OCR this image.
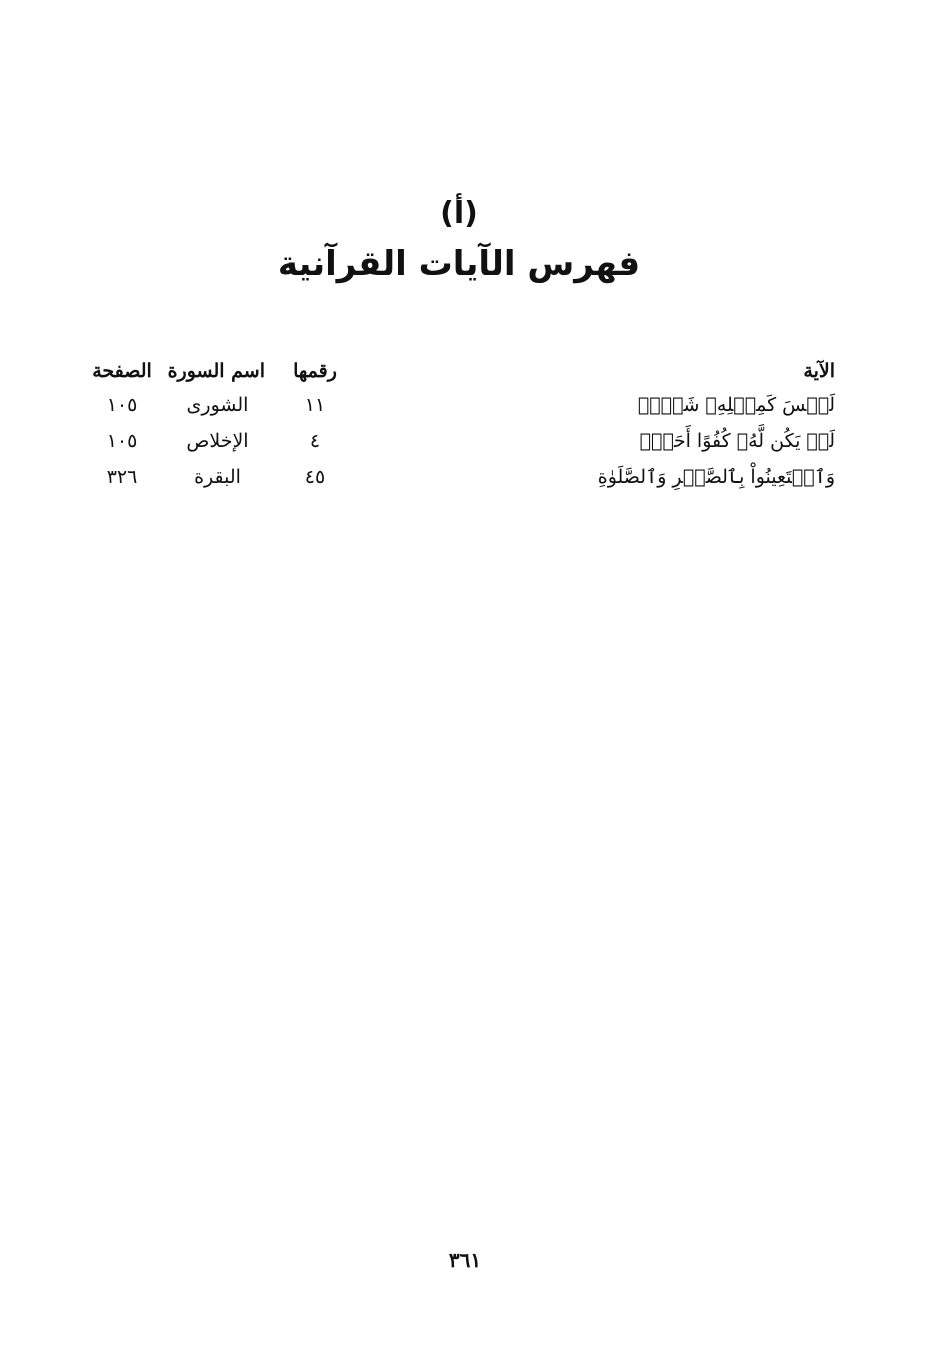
(أ)
فهرس الآيات القرآنية
الآية
رقمها
اسم السورة
الصفحة
لَيۡسَ كَمِثۡلِهِۦ شَيۡءٞ
١١
الشورى
١٠٥
لَمۡ يَكُن لَّهُۥ كُفُوًا أَحَدُۢ
٤
الإخلاص
١٠٥
وَٱسۡتَعِينُواْ بِٱلصَّبۡرِ وَٱلصَّلَوٰةِ
٤٥
البقرة
٣٢٦
٣٦١
